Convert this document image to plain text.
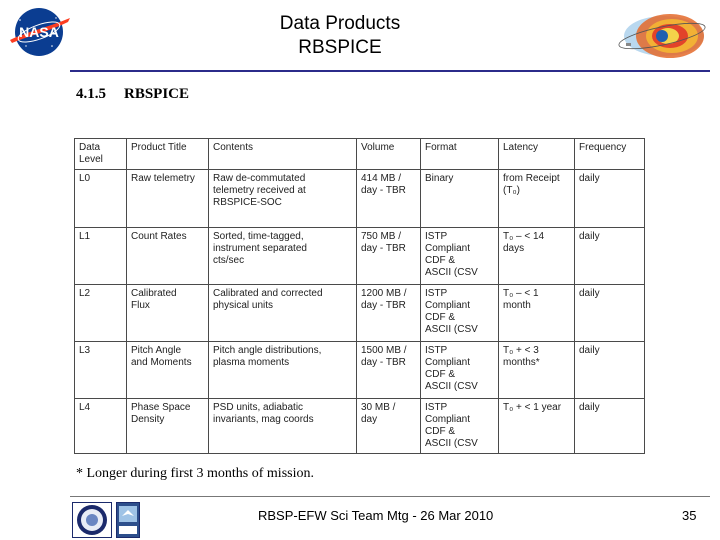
NASA	Data Products
RBSPICE
4.1.5 RBSPICE
Data
Level	Product Title	Contents	Volume	Format	Latency	Frequency

L0	Raw telemetry	Raw de-commutated
telemetry received at
RBSPICE-SOC	414 MB /
day - TBR	Binary	from Receipt
(T₀)	daily

L1	Count Rates	Sorted, time-tagged,
instrument separated
cts/sec	750 MB /
day - TBR	ISTP
Compliant
CDF &
ASCII (CSV	T₀ – < 14
days	daily

L2	Calibrated
Flux	Calibrated and corrected
physical units	1200 MB /
day - TBR	ISTP
Compliant
CDF &
ASCII (CSV	T₀ – < 1
month	daily

L3	Pitch Angle
and Moments	Pitch angle distributions,
plasma moments	1500 MB /
day - TBR	ISTP
Compliant
CDF &
ASCII (CSV	T₀ + < 3
months*	daily

L4	Phase Space
Density	PSD units, adiabatic
invariants, mag coords	30 MB /
day	ISTP
Compliant
CDF &
ASCII (CSV	T₀ + < 1 year	daily
* Longer during first 3 months of mission.
RBSP-EFW Sci Team Mtg - 26 Mar 2010	35
